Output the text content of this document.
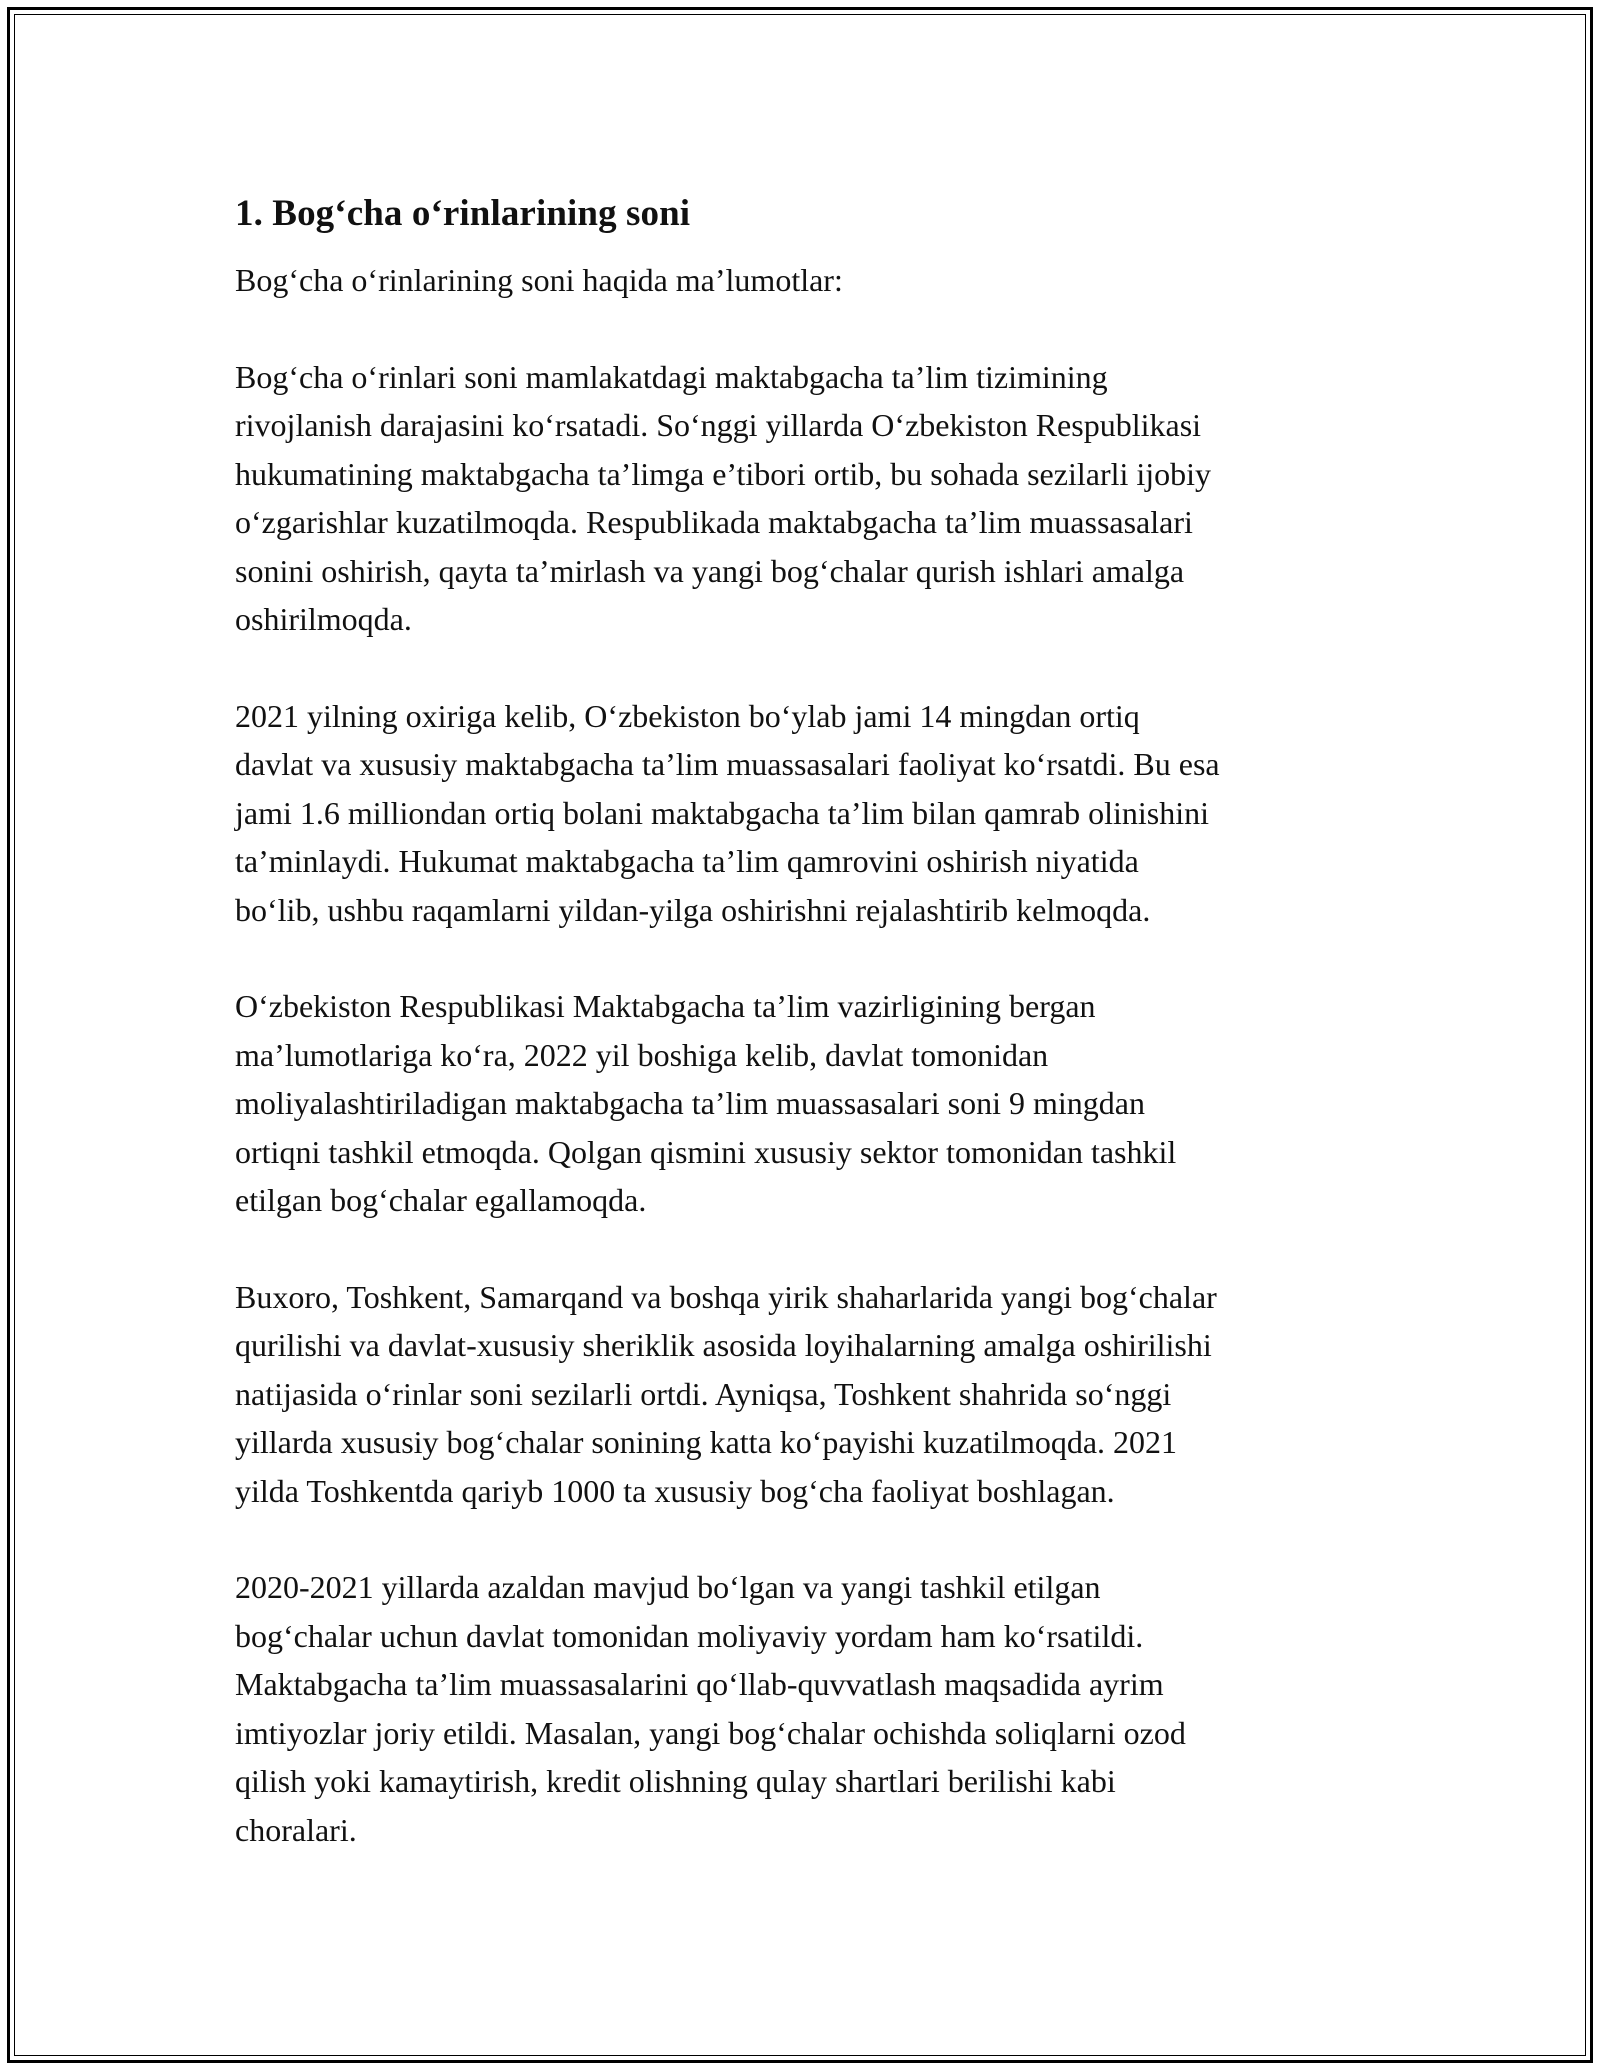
1. Bog‘cha o‘rinlarining soni

Bog‘cha o‘rinlarining soni haqida ma’lumotlar:

Bog‘cha o‘rinlari soni mamlakatdagi maktabgacha ta’lim tizimining
rivojlanish darajasini ko‘rsatadi. So‘nggi yillarda O‘zbekiston Respublikasi
hukumatining maktabgacha ta’limga e’tibori ortib, bu sohada sezilarli ijobiy
o‘zgarishlar kuzatilmoqda. Respublikada maktabgacha ta’lim muassasalari
sonini oshirish, qayta ta’mirlash va yangi bog‘chalar qurish ishlari amalga
oshirilmoqda.

2021 yilning oxiriga kelib, O‘zbekiston bo‘ylab jami 14 mingdan ortiq
davlat va xususiy maktabgacha ta’lim muassasalari faoliyat ko‘rsatdi. Bu esa
jami 1.6 milliondan ortiq bolani maktabgacha ta’lim bilan qamrab olinishini
ta’minlaydi. Hukumat maktabgacha ta’lim qamrovini oshirish niyatida
bo‘lib, ushbu raqamlarni yildan-yilga oshirishni rejalashtirib kelmoqda.

O‘zbekiston Respublikasi Maktabgacha ta’lim vazirligining bergan
ma’lumotlariga ko‘ra, 2022 yil boshiga kelib, davlat tomonidan
moliyalashtiriladigan maktabgacha ta’lim muassasalari soni 9 mingdan
ortiqni tashkil etmoqda. Qolgan qismini xususiy sektor tomonidan tashkil
etilgan bog‘chalar egallamoqda.

Buxoro, Toshkent, Samarqand va boshqa yirik shaharlarida yangi bog‘chalar
qurilishi va davlat-xususiy sheriklik asosida loyihalarning amalga oshirilishi
natijasida o‘rinlar soni sezilarli ortdi. Ayniqsa, Toshkent shahrida so‘nggi
yillarda xususiy bog‘chalar sonining katta ko‘payishi kuzatilmoqda. 2021
yilda Toshkentda qariyb 1000 ta xususiy bog‘cha faoliyat boshlagan.

2020-2021 yillarda azaldan mavjud bo‘lgan va yangi tashkil etilgan
bog‘chalar uchun davlat tomonidan moliyaviy yordam ham ko‘rsatildi.
Maktabgacha ta’lim muassasalarini qo‘llab-quvvatlash maqsadida ayrim
imtiyozlar joriy etildi. Masalan, yangi bog‘chalar ochishda soliqlarni ozod
qilish yoki kamaytirish, kredit olishning qulay shartlari berilishi kabi
choralari.
